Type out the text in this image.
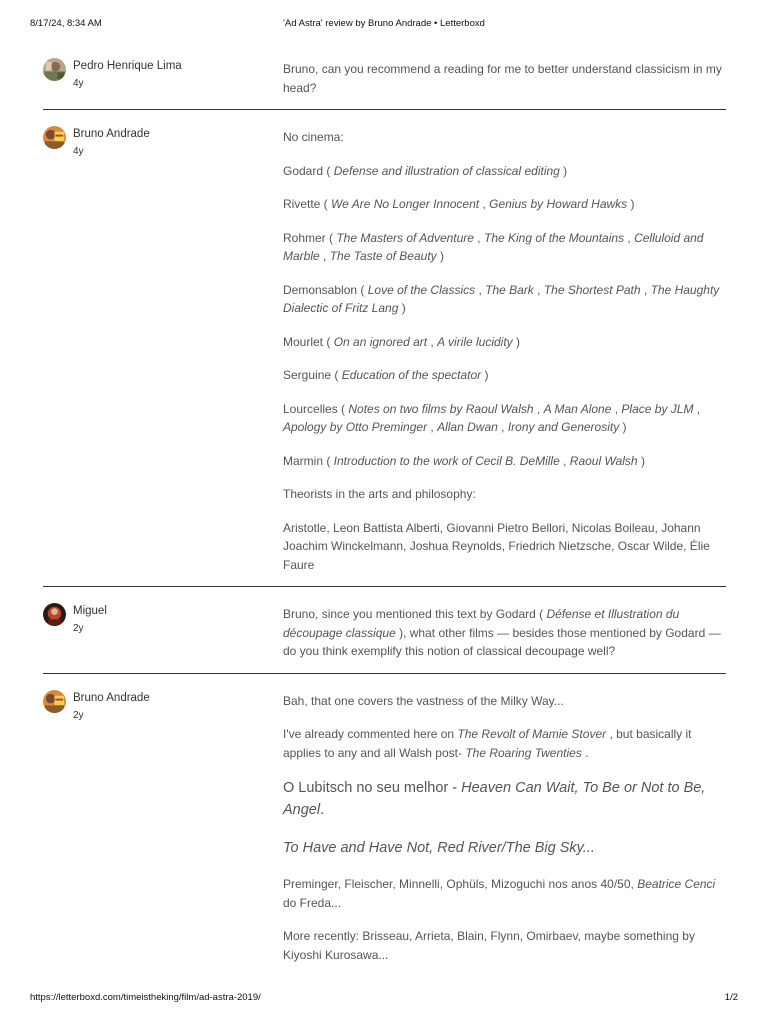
8/17/24, 8:34 AM	'Ad Astra' review by Bruno Andrade • Letterboxd
Pedro Henrique Lima
4y

Bruno, can you recommend a reading for me to better understand classicism in my head?

Bruno Andrade
4y

No cinema:

Godard ( Defense and illustration of classical editing )

Rivette ( We Are No Longer Innocent , Genius by Howard Hawks )

Rohmer ( The Masters of Adventure , The King of the Mountains , Celluloid and Marble , The Taste of Beauty )

Demonsablon ( Love of the Classics , The Bark , The Shortest Path , The Haughty Dialectic of Fritz Lang )

Mourlet ( On an ignored art , A virile lucidity )

Serguine ( Education of the spectator )

Lourcelles ( Notes on two films by Raoul Walsh , A Man Alone , Place by JLM , Apology by Otto Preminger , Allan Dwan , Irony and Generosity )

Marmin ( Introduction to the work of Cecil B. DeMille , Raoul Walsh )

Theorists in the arts and philosophy:

Aristotle, Leon Battista Alberti, Giovanni Pietro Bellori, Nicolas Boileau, Johann Joachim Winckelmann, Joshua Reynolds, Friedrich Nietzsche, Oscar Wilde, Élie Faure

Miguel
2y

Bruno, since you mentioned this text by Godard ( Défense et Illustration du découpage classique ), what other films — besides those mentioned by Godard — do you think exemplify this notion of classical decoupage well?

Bruno Andrade
2y

Bah, that one covers the vastness of the Milky Way...

I've already commented here on The Revolt of Mamie Stover , but basically it applies to any and all Walsh post- The Roaring Twenties .

O Lubitsch no seu melhor - Heaven Can Wait, To Be or Not to Be, Angel.

To Have and Have Not, Red River/The Big Sky...

Preminger, Fleischer, Minnelli, Ophüls, Mizoguchi nos anos 40/50, Beatrice Cenci do Freda...

More recently: Brisseau, Arrieta, Blain, Flynn, Omirbaev, maybe something by Kiyoshi Kurosawa...

https://letterboxd.com/timeistheking/film/ad-astra-2019/	1/2
